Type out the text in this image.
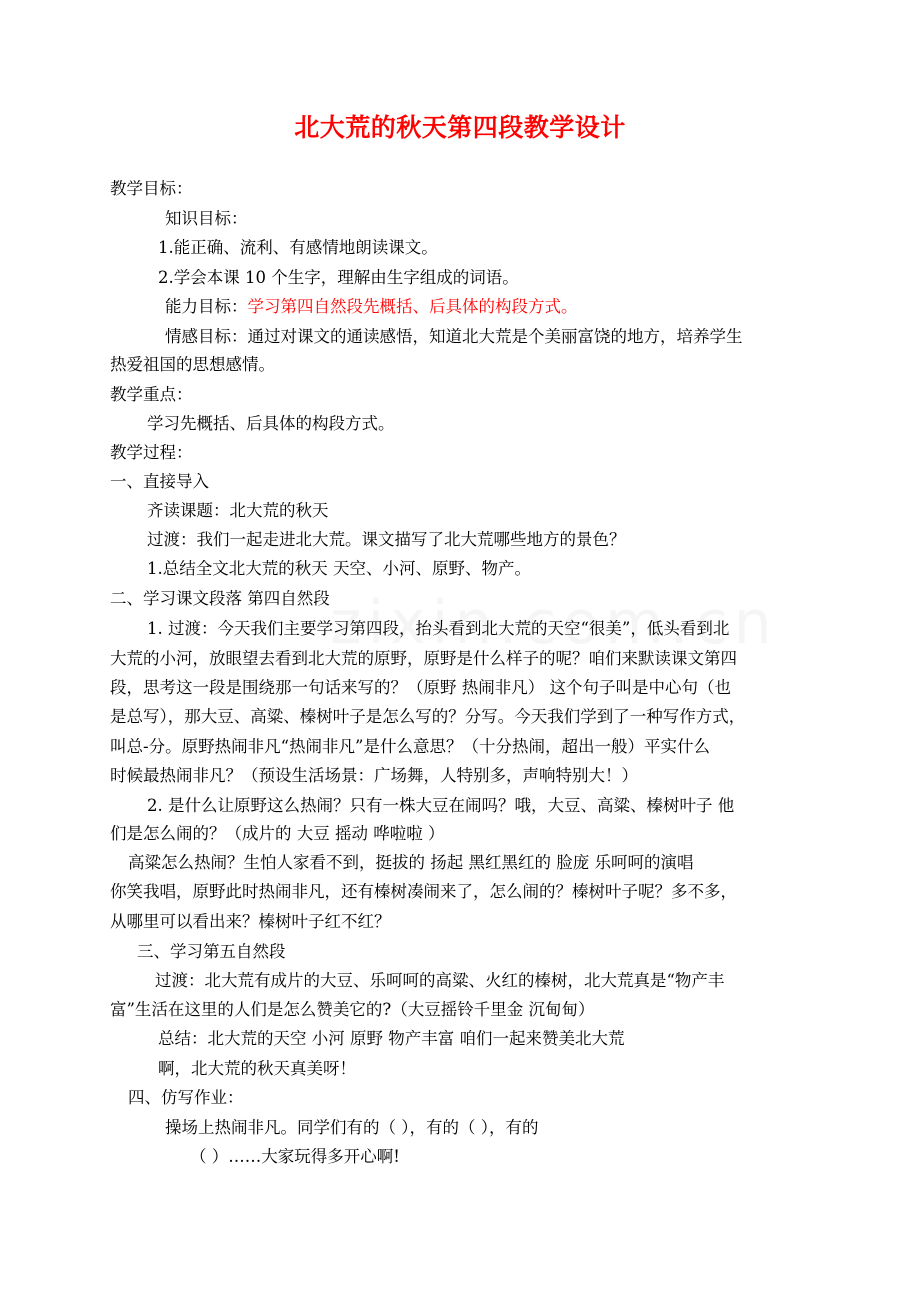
北大荒的秋天第四段教学设计
教学目标：
知识目标：
1.能正确、流利、有感情地朗读课文。
2.学会本课 10 个生字，理解由生字组成的词语。
能力目标：学习第四自然段先概括、后具体的构段方式。
情感目标：通过对课文的通读感悟，知道北大荒是个美丽富饶的地方，培养学生
热爱祖国的思想感情。
教学重点：
学习先概括、后具体的构段方式。
教学过程：
一、直接导入
齐读课题：北大荒的秋天
过渡：我们一起走进北大荒。课文描写了北大荒哪些地方的景色？
1.总结全文北大荒的秋天 天空、小河、原野、物产。
二、学习课文段落 第四自然段
1. 过渡：今天我们主要学习第四段，抬头看到北大荒的天空“很美”，低头看到北
大荒的小河，放眼望去看到北大荒的原野，原野是什么样子的呢？咱们来默读课文第四
段，思考这一段是围绕那一句话来写的？（原野 热闹非凡） 这个句子叫是中心句（也
是总写），那大豆、高粱、榛树叶子是怎么写的？分写。今天我们学到了一种写作方式，
叫总-分。原野热闹非凡“热闹非凡”是什么意思？（十分热闹，超出一般）平实什么
时候最热闹非凡？（预设生活场景：广场舞，人特别多，声响特别大！）
2. 是什么让原野这么热闹？只有一株大豆在闹吗？哦，大豆、高粱、榛树叶子 他
们是怎么闹的？（成片的 大豆 摇动 哗啦啦 ）
高粱怎么热闹？生怕人家看不到，挺拔的 扬起 黑红黑红的 脸庞 乐呵呵的演唱
你笑我唱，原野此时热闹非凡，还有榛树凑闹来了，怎么闹的？榛树叶子呢？多不多，
从哪里可以看出来？榛树叶子红不红？
三、学习第五自然段
过渡：北大荒有成片的大豆、乐呵呵的高粱、火红的榛树，北大荒真是“物产丰
富”生活在这里的人们是怎么赞美它的?（大豆摇铃千里金 沉甸甸）
总结：北大荒的天空 小河 原野 物产丰富 咱们一起来赞美北大荒
啊，北大荒的秋天真美呀！
四、仿写作业：
操场上热闹非凡。同学们有的（ ），有的（ ），有的
（ ）……大家玩得多开心啊!
